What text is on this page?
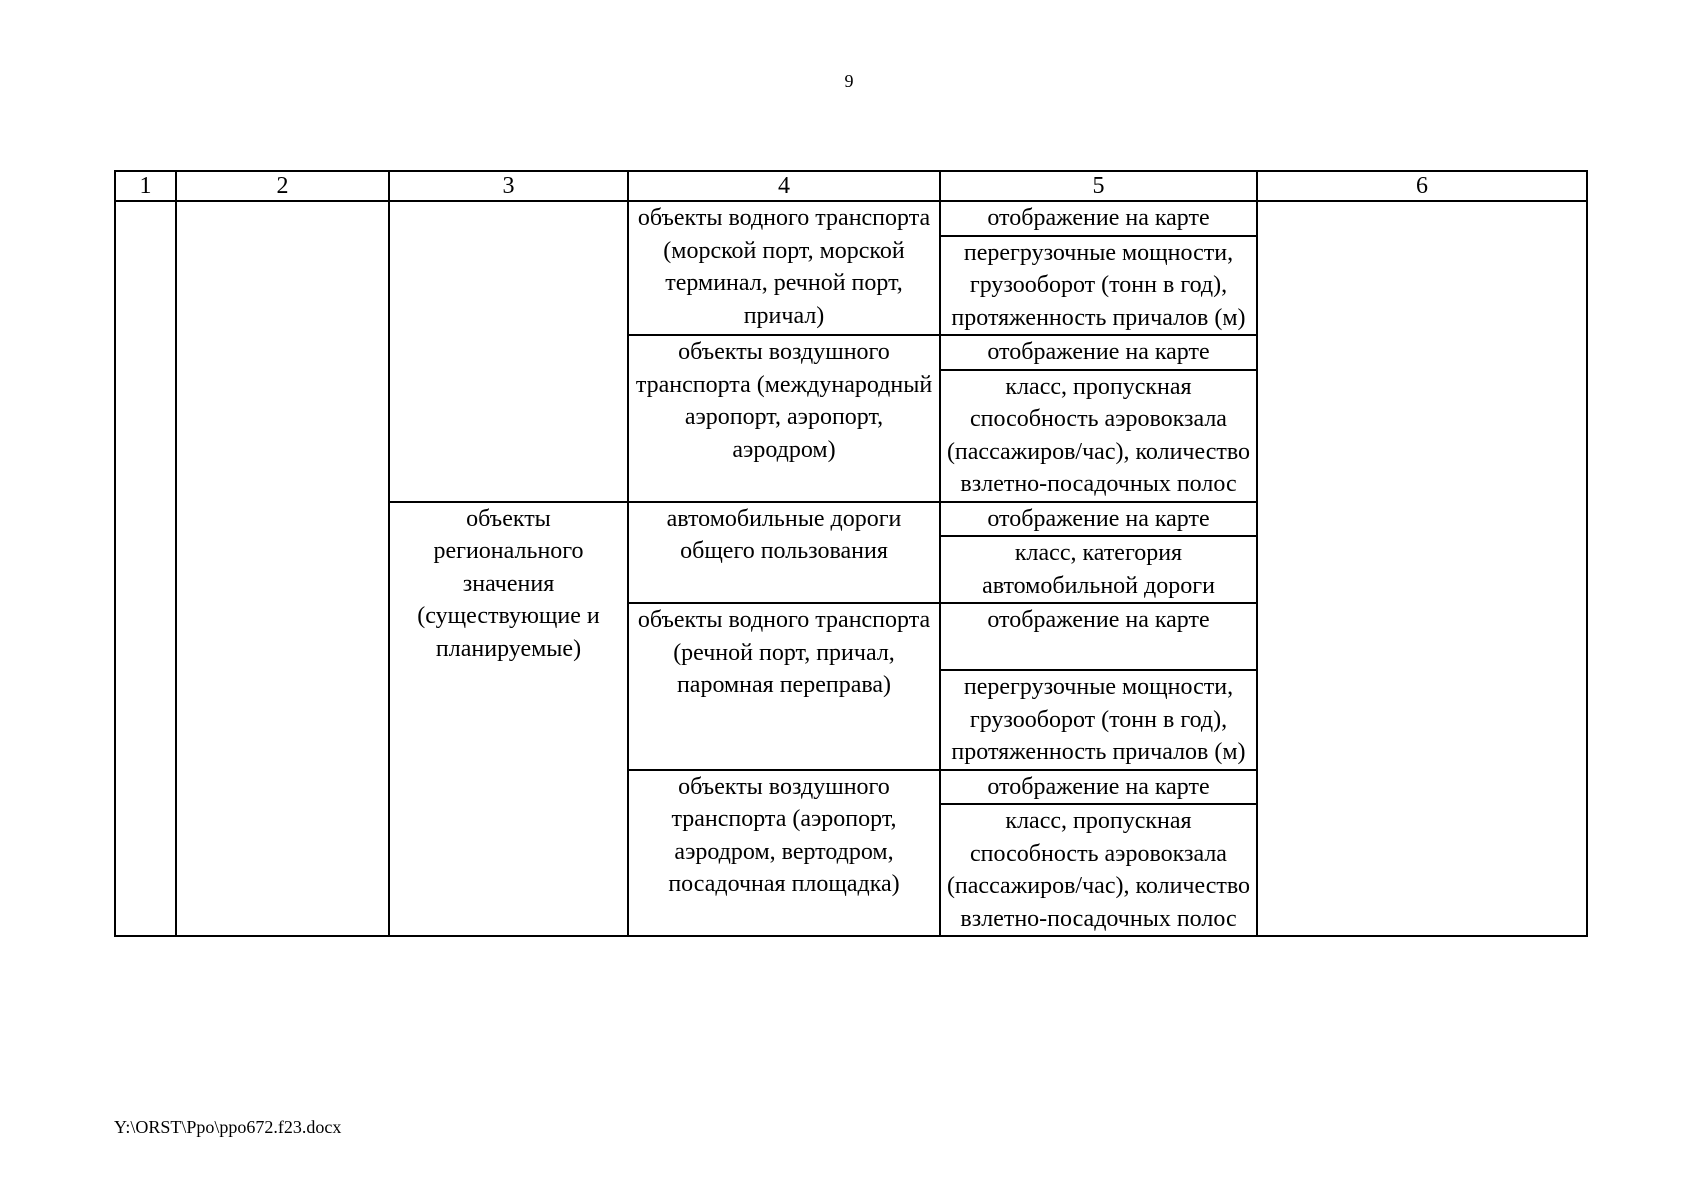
9
1	2	3	4	5	6
			объекты водного транспорта (морской порт, морской терминал, речной порт, причал)	отображение на карте	
				перегрузочные мощности, грузооборот (тонн в год), протяженность причалов (м)	
			объекты воздушного транспорта (международный аэропорт, аэропорт, аэродром)	отображение на карте	
				класс, пропускная способность аэровокзала (пассажиров/час), количество взлетно-посадочных полос	
		объекты регионального значения (существующие и планируемые)	автомобильные дороги общего пользования	отображение на карте	
				класс, категория автомобильной дороги	
			объекты водного транспорта (речной порт, причал, паромная переправа)	отображение на карте	
				перегрузочные мощности, грузооборот (тонн в год), протяженность причалов (м)	
			объекты воздушного транспорта (аэропорт, аэродром, вертодром, посадочная площадка)	отображение на карте	
				класс, пропускная способность аэровокзала (пассажиров/час), количество взлетно-посадочных полос	

Y:\ORST\Ppo\ppo672.f23.docx
